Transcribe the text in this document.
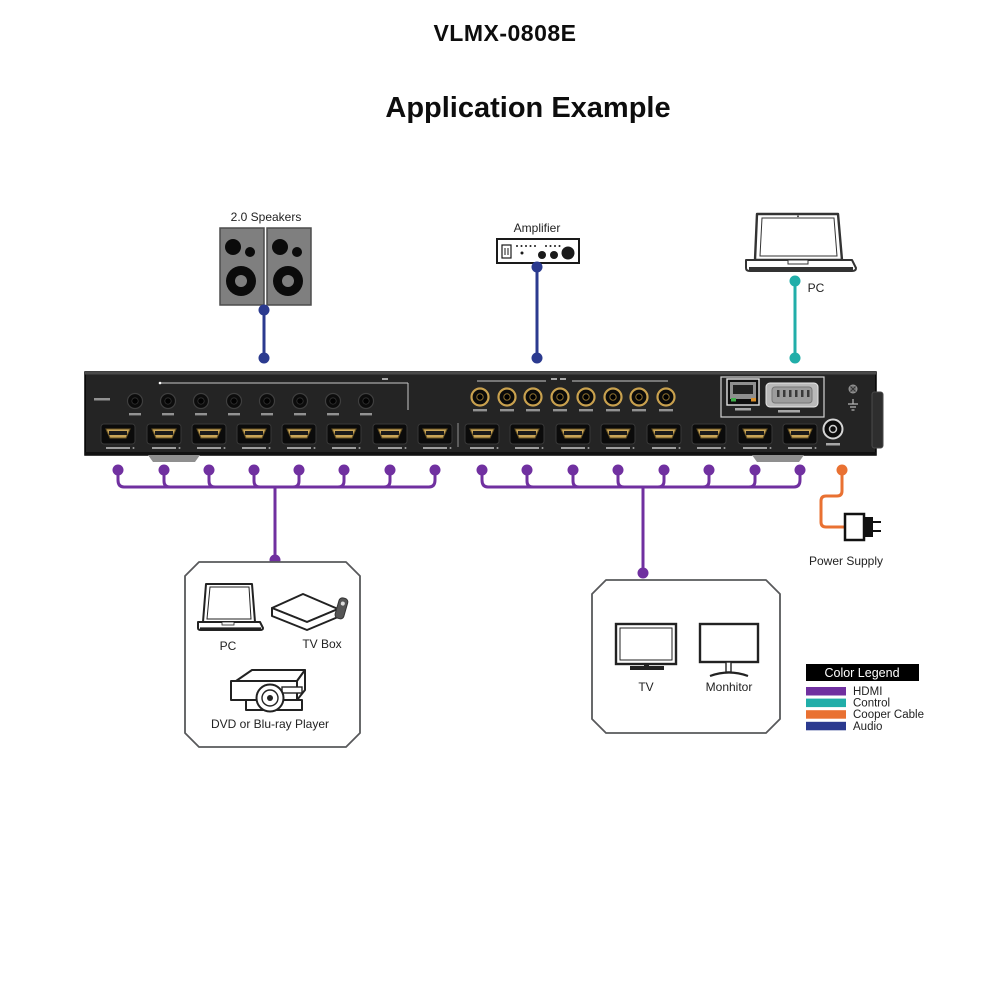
VLMX-0808E
Application Example
2.0 Speakers
Amplifier
PC
Power Supply
PC	TV Box
DVD or Blu-ray Player
TV	Monhitor
Color Legend
HDMI
Control
Cooper Cable
Audio
